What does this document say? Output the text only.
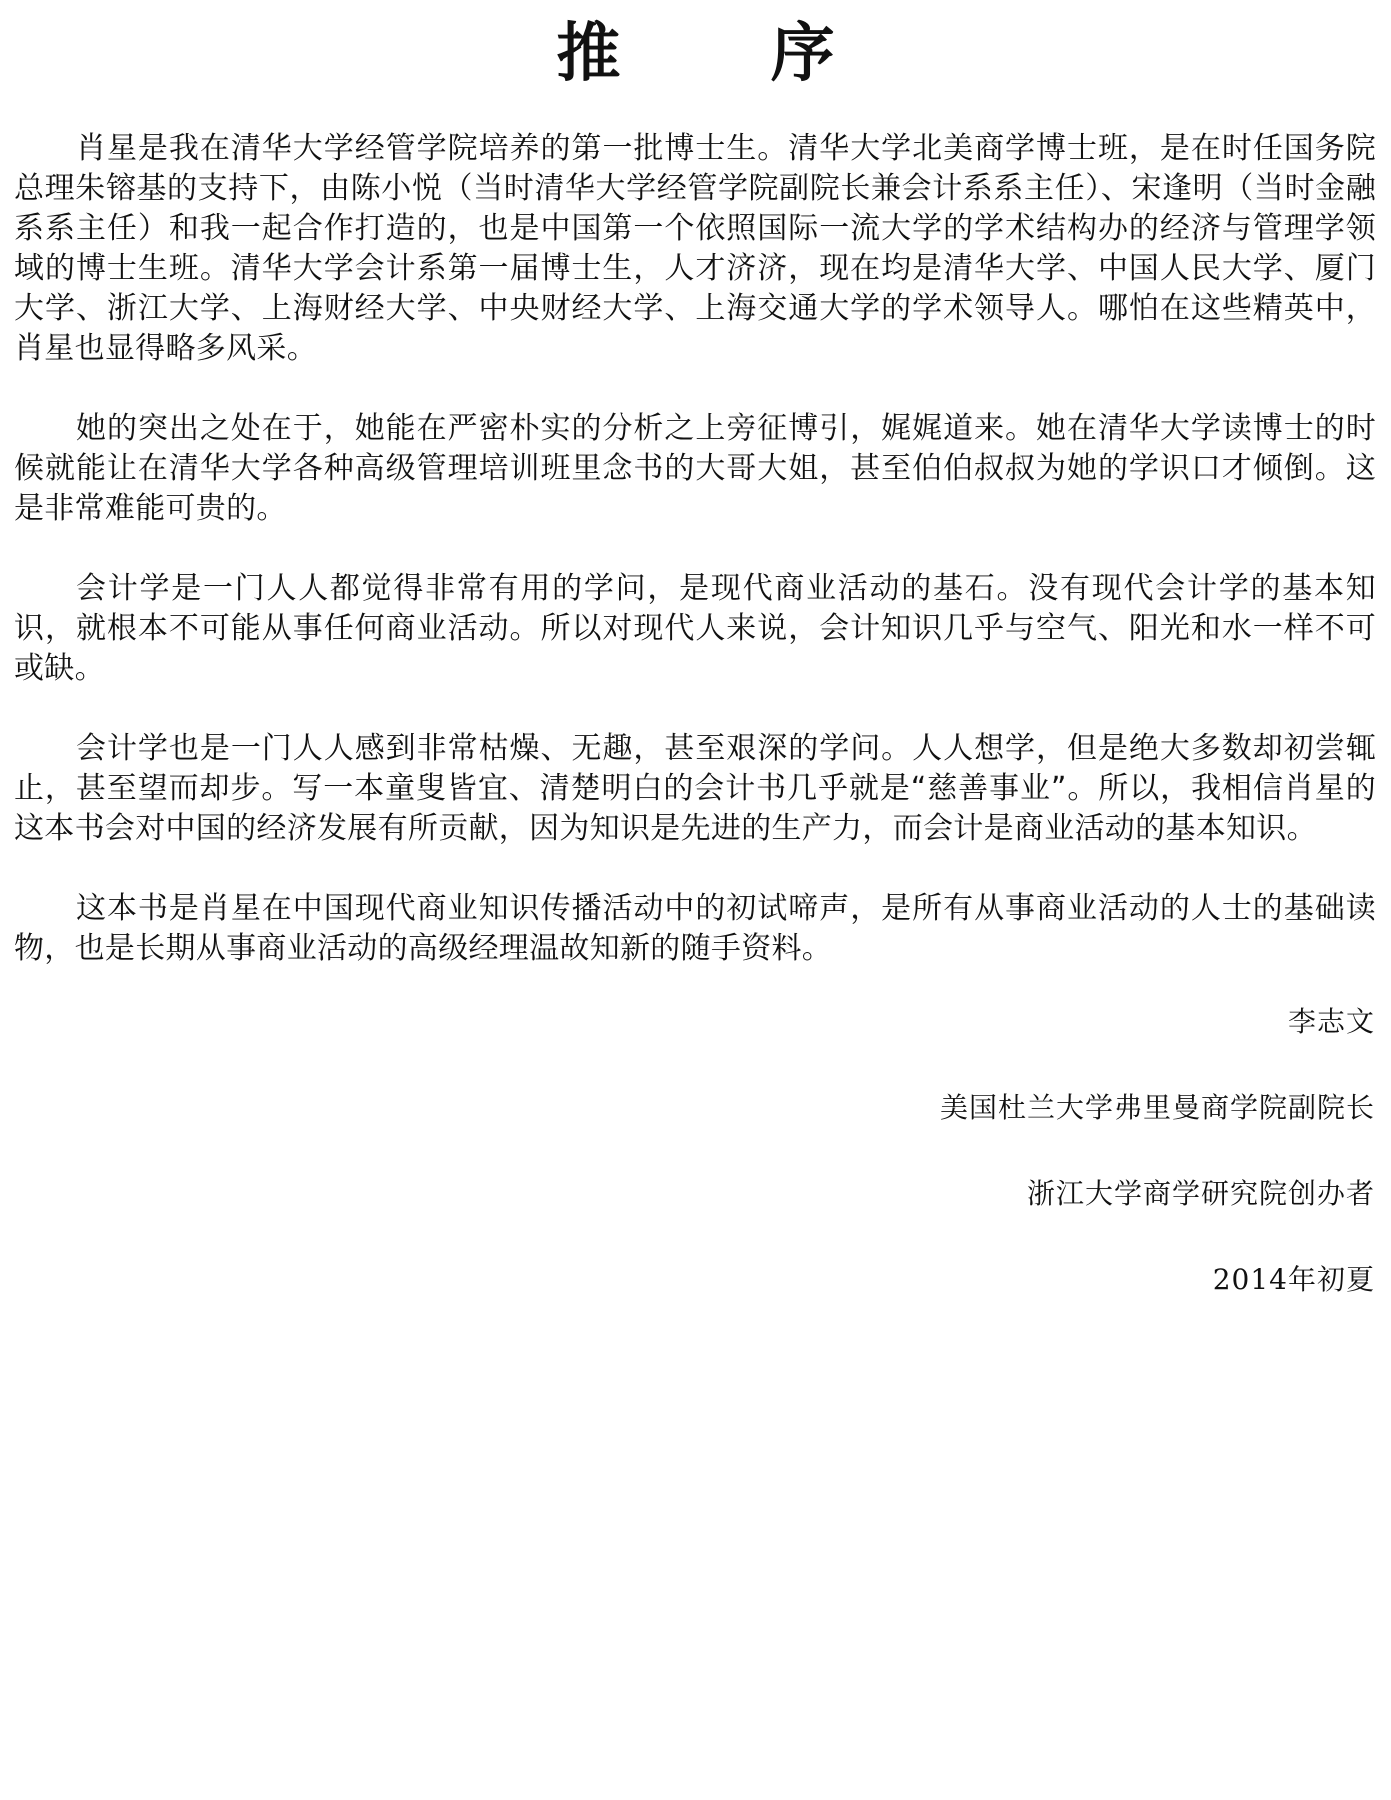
推 序

肖星是我在清华大学经管学院培养的第一批博士生。清华大学北美商学博士班，是在时任国务院总理朱镕基的支持下，由陈小悦（当时清华大学经管学院副院长兼会计系系主任）、宋逢明（当时金融系系主任）和我一起合作打造的，也是中国第一个依照国际一流大学的学术结构办的经济与管理学领域的博士生班。清华大学会计系第一届博士生，人才济济，现在均是清华大学、中国人民大学、厦门大学、浙江大学、上海财经大学、中央财经大学、上海交通大学的学术领导人。哪怕在这些精英中，肖星也显得略多风采。

她的突出之处在于，她能在严密朴实的分析之上旁征博引，娓娓道来。她在清华大学读博士的时候就能让在清华大学各种高级管理培训班里念书的大哥大姐，甚至伯伯叔叔为她的学识口才倾倒。这是非常难能可贵的。

会计学是一门人人都觉得非常有用的学问，是现代商业活动的基石。没有现代会计学的基本知识，就根本不可能从事任何商业活动。所以对现代人来说，会计知识几乎与空气、阳光和水一样不可或缺。

会计学也是一门人人感到非常枯燥、无趣，甚至艰深的学问。人人想学，但是绝大多数却初尝辄止，甚至望而却步。写一本童叟皆宜、清楚明白的会计书几乎就是“慈善事业”。所以，我相信肖星的这本书会对中国的经济发展有所贡献，因为知识是先进的生产力，而会计是商业活动的基本知识。

这本书是肖星在中国现代商业知识传播活动中的初试啼声，是所有从事商业活动的人士的基础读物，也是长期从事商业活动的高级经理温故知新的随手资料。

李志文
美国杜兰大学弗里曼商学院副院长
浙江大学商学研究院创办者
2014年初夏
